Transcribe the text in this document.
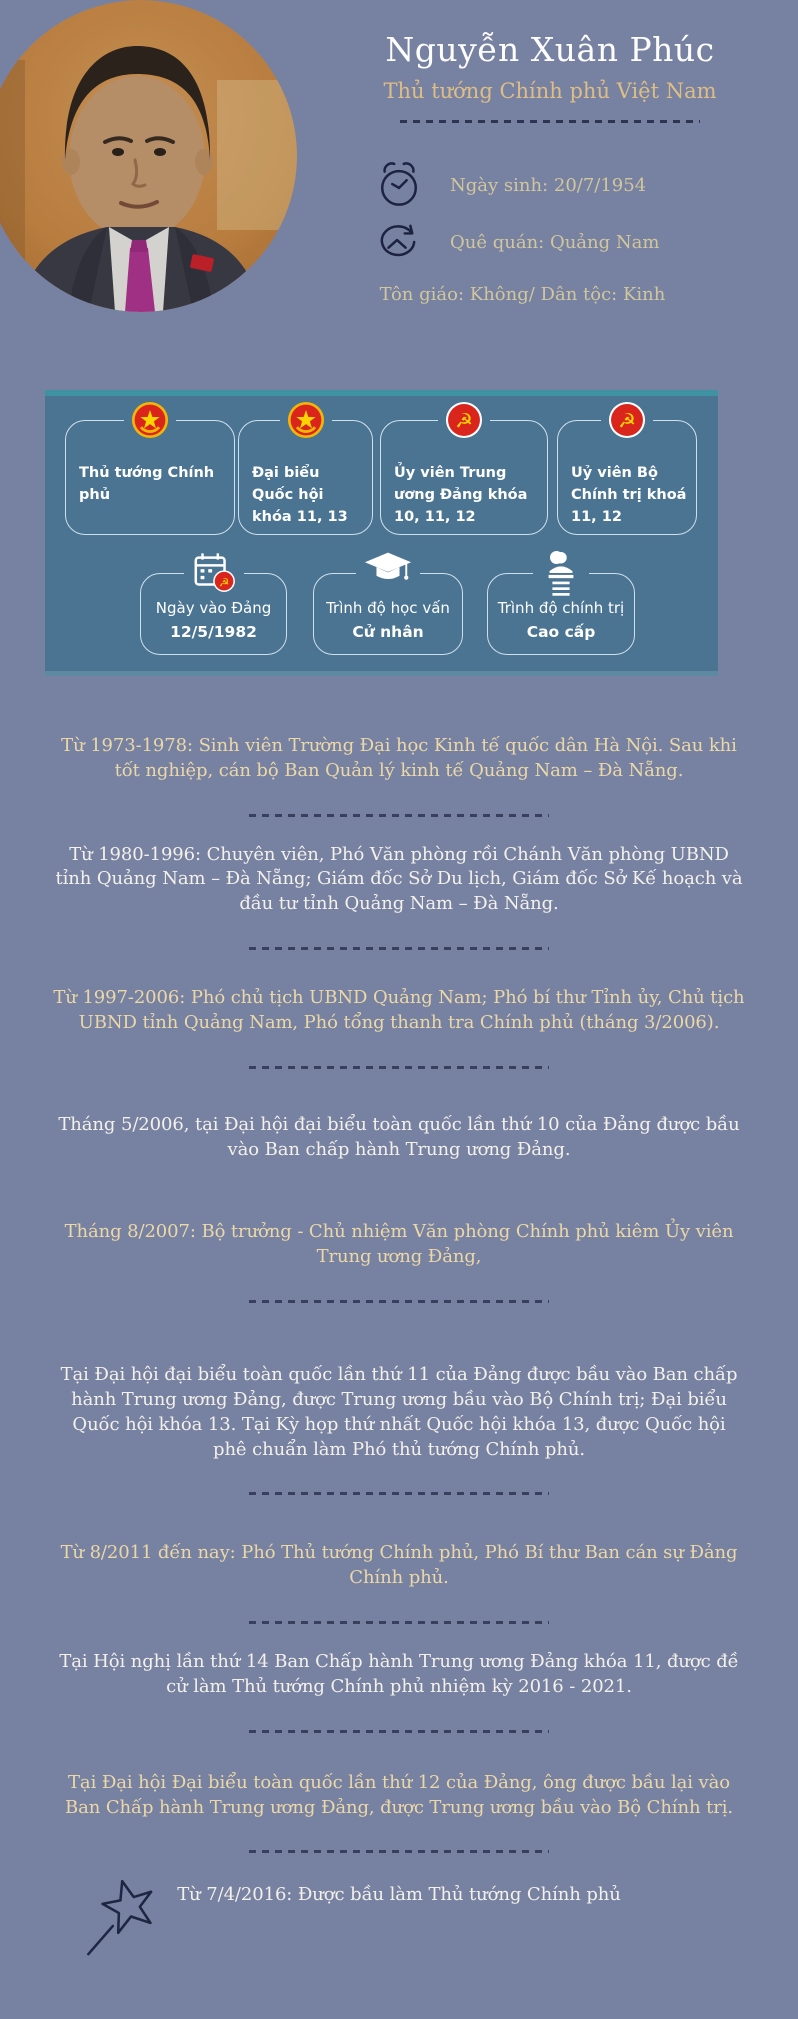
Nguyễn Xuân Phúc
Thủ tướng Chính phủ Việt Nam
Ngày sinh: 20/7/1954
Quê quán: Quảng Nam
Tôn giáo: Không/ Dân tộc: Kinh
Thủ tướng Chính phủ
Đại biểu Quốc hội khóa 11, 13
☭
Ủy viên Trung ương Đảng khóa 10, 11, 12
☭
Uỷ viên Bộ Chính trị khoá 11, 12
☭
Ngày vào Đảng
12/5/1982
Trình độ học vấn
Cử nhân
Trình độ chính trị
Cao cấp
Từ 1973-1978: Sinh viên Trường Đại học Kinh tế quốc dân Hà Nội. Sau khi tốt nghiệp, cán bộ Ban Quản lý kinh tế Quảng Nam – Đà Nẵng.
Từ 1980-1996: Chuyên viên, Phó Văn phòng rồi Chánh Văn phòng UBND tỉnh Quảng Nam – Đà Nẵng; Giám đốc Sở Du lịch, Giám đốc Sở Kế hoạch và đầu tư tỉnh Quảng Nam – Đà Nẵng.
Từ 1997-2006: Phó chủ tịch UBND Quảng Nam; Phó bí thư Tỉnh ủy, Chủ tịch UBND tỉnh Quảng Nam, Phó tổng thanh tra Chính phủ (tháng 3/2006).
Tháng 5/2006, tại Đại hội đại biểu toàn quốc lần thứ 10 của Đảng được bầu vào Ban chấp hành Trung ương Đảng.
Tháng 8/2007: Bộ trưởng - Chủ nhiệm Văn phòng Chính phủ kiêm Ủy viên Trung ương Đảng,
Tại Đại hội đại biểu toàn quốc lần thứ 11 của Đảng được bầu vào Ban chấp hành Trung ương Đảng, được Trung ương bầu vào Bộ Chính trị; Đại biểu Quốc hội khóa 13. Tại Kỳ họp thứ nhất Quốc hội khóa 13, được Quốc hội phê chuẩn làm Phó thủ tướng Chính phủ.
Từ 8/2011 đến nay: Phó Thủ tướng Chính phủ, Phó Bí thư Ban cán sự Đảng Chính phủ.
Tại Hội nghị lần thứ 14 Ban Chấp hành Trung ương Đảng khóa 11, được đề cử làm Thủ tướng Chính phủ nhiệm kỳ 2016 - 2021.
Tại Đại hội Đại biểu toàn quốc lần thứ 12 của Đảng, ông được bầu lại vào Ban Chấp hành Trung ương Đảng, được Trung ương bầu vào Bộ Chính trị.
Từ 7/4/2016: Được bầu làm Thủ tướng Chính phủ
